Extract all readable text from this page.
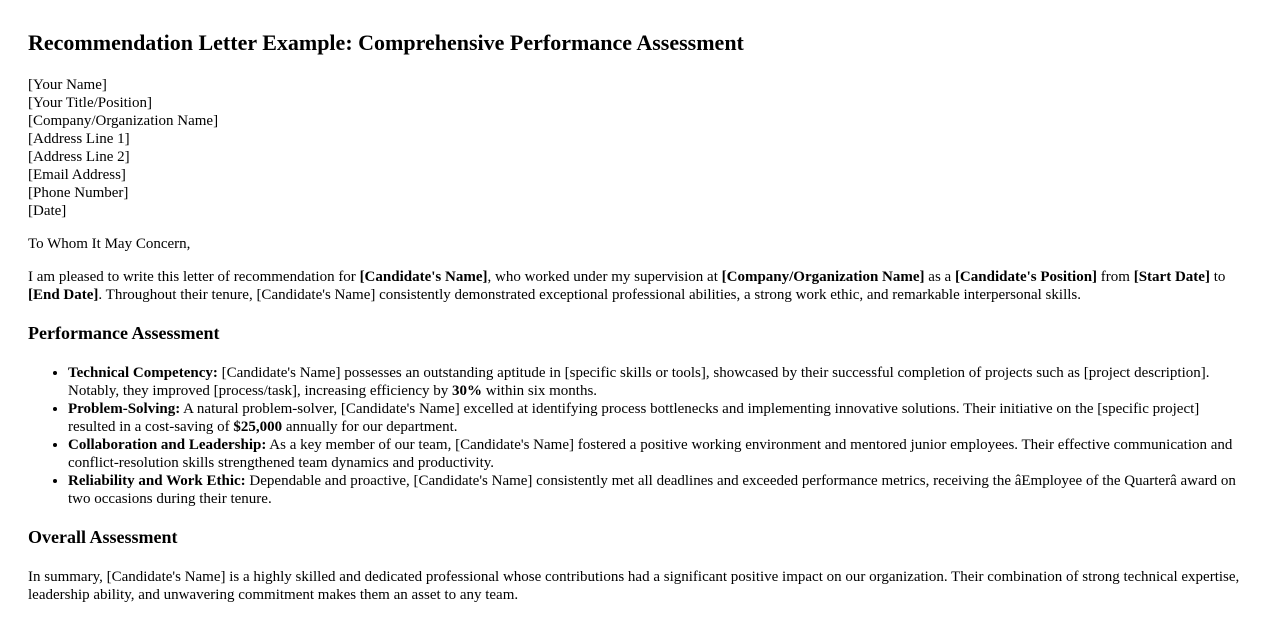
Recommendation Letter Example: Comprehensive Performance Assessment

[Your Name]

[Your Title/Position]

[Company/Organization Name]

[Address Line 1]

[Address Line 2]

[Email Address]

[Phone Number]

[Date]

To Whom It May Concern,

I am pleased to write this letter of recommendation for [Candidate's Name], who worked under my supervision at [Company/Organization Name] as a [Candidate's Position] from [Start Date] to [End Date]. Throughout their tenure, [Candidate's Name] consistently demonstrated exceptional professional abilities, a strong work ethic, and remarkable interpersonal skills.

Performance Assessment
• Technical Competency: [Candidate's Name] possesses an outstanding aptitude in [specific skills or tools], showcased by their successful completion of projects such as [project description]. Notably, they improved [process/task], increasing efficiency by 30% within six months.
• Problem-Solving: A natural problem-solver, [Candidate's Name] excelled at identifying process bottlenecks and implementing innovative solutions. Their initiative on the [specific project] resulted in a cost-saving of $25,000 annually for our department.
• Collaboration and Leadership: As a key member of our team, [Candidate's Name] fostered a positive working environment and mentored junior employees. Their effective communication and conflict-resolution skills strengthened team dynamics and productivity.
• Reliability and Work Ethic: Dependable and proactive, [Candidate's Name] consistently met all deadlines and exceeded performance metrics, receiving the âEmployee of the Quarterâ award on two occasions during their tenure.
Overall Assessment

In summary, [Candidate's Name] is a highly skilled and dedicated professional whose contributions had a significant positive impact on our organization. Their combination of strong technical expertise, leadership ability, and unwavering commitment makes them an asset to any team.
